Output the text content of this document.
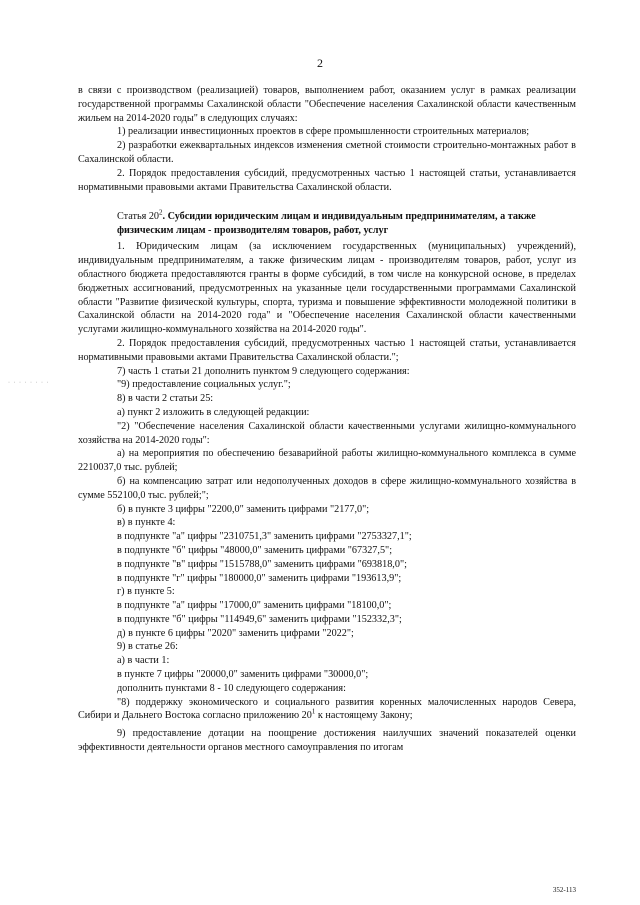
2

в связи с производством (реализацией) товаров, выполнением работ, оказанием услуг в рамках реализации государственной программы Сахалинской области "Обеспечение населения Сахалинской области качественным жильем на 2014-2020 годы" в следующих случаях:

1) реализации инвестиционных проектов в сфере промышленности строительных материалов;

2) разработки ежеквартальных индексов изменения сметной стоимости строительно-монтажных работ в Сахалинской области.

2. Порядок предоставления субсидий, предусмотренных частью 1 настоящей статьи, устанавливается нормативными правовыми актами Правительства Сахалинской области.

Статья $20^2$. Субсидии юридическим лицам и индивидуальным предпринимателям, а также физическим лицам - производителям товаров, работ, услуг

1. Юридическим лицам (за исключением государственных (муниципальных) учреждений), индивидуальным предпринимателям, а также физическим лицам - производителям товаров, работ, услуг из областного бюджета предоставляются гранты в форме субсидий, в том числе на конкурсной основе, в пределах бюджетных ассигнований, предусмотренных на указанные цели государственными программами Сахалинской области "Развитие физической культуры, спорта, туризма и повышение эффективности молодежной политики в Сахалинской области на 2014-2020 года" и "Обеспечение населения Сахалинской области качественными услугами жилищно-коммунального хозяйства на 2014-2020 годы".

2. Порядок предоставления субсидий, предусмотренных частью 1 настоящей статьи, устанавливается нормативными правовыми актами Правительства Сахалинской области.";

7) часть 1 статьи 21 дополнить пунктом 9 следующего содержания:

"9) предоставление социальных услуг.";

8) в части 2 статьи 25:

а) пункт 2 изложить в следующей редакции:

"2) "Обеспечение населения Сахалинской области качественными услугами жилищно-коммунального хозяйства на 2014-2020 годы":

а) на мероприятия по обеспечению безаварийной работы жилищно-коммунального комплекса в сумме 2210037,0 тыс. рублей;

б) на компенсацию затрат или недополученных доходов в сфере жилищно-коммунального хозяйства в сумме 552100,0 тыс. рублей;";

б) в пункте 3 цифры "2200,0" заменить цифрами "2177,0";

в) в пункте 4:

в подпункте "а" цифры "2310751,3" заменить цифрами "2753327,1";

в подпункте "б" цифры "48000,0" заменить цифрами "67327,5";

в подпункте "в" цифры "1515788,0" заменить цифрами "693818,0";

в подпункте "г" цифры "180000,0" заменить цифрами "193613,9";

г) в пункте 5:

в подпункте "а" цифры "17000,0" заменить цифрами "18100,0";

в подпункте "б" цифры "114949,6" заменить цифрами "152332,3";

д) в пункте 6 цифры "2020" заменить цифрами "2022";

9) в статье 26:

а) в части 1:

в пункте 7 цифры "20000,0" заменить цифрами "30000,0";

дополнить пунктами 8 - 10 следующего содержания:

"8) поддержку экономического и социального развития коренных малочисленных народов Севера, Сибири и Дальнего Востока согласно приложению $20^1$ к настоящему Закону;

9) предоставление дотации на поощрение достижения наилучших значений показателей оценки эффективности деятельности органов местного самоуправления по итогам

· · · · · · · ·
352-113
